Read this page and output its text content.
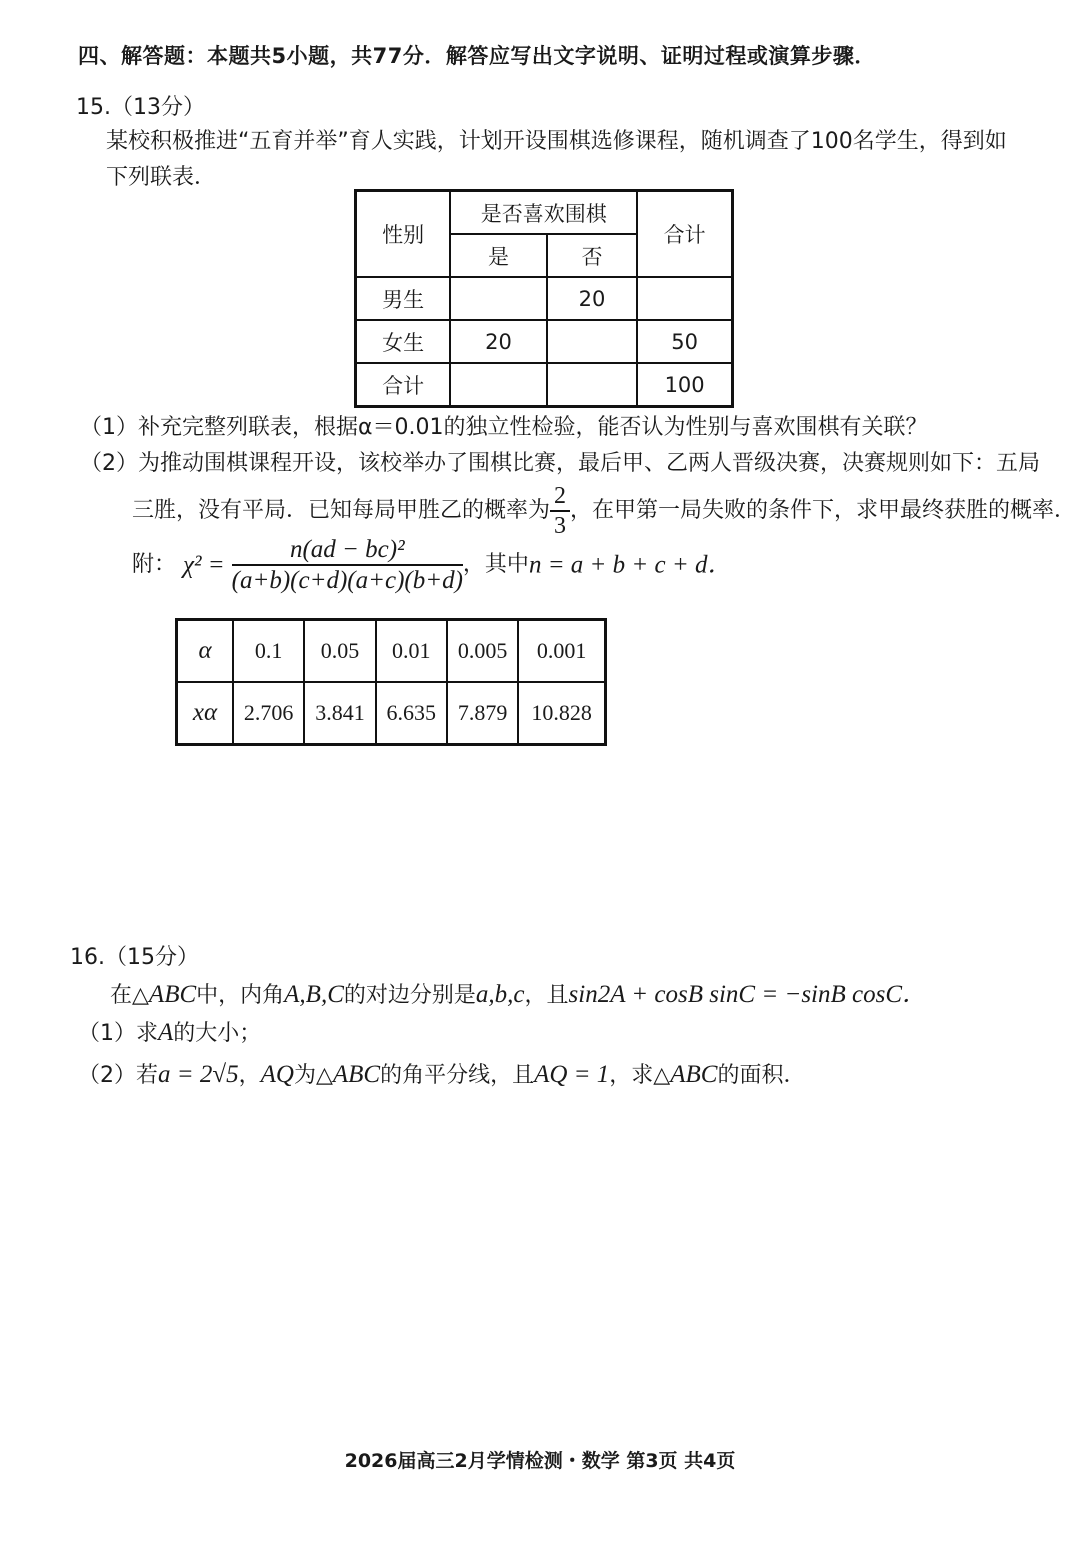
四、解答题：本题共5小题，共77分．解答应写出文字说明、证明过程或演算步骤．
15.（13分）
某校积极推进“五育并举”育人实践，计划开设围棋选修课程，随机调查了100名学生，得到如
下列联表．
性别	是否喜欢围棋		合计
	是	否	
男生		20	
女生	20		50
合计			100
（1）补充完整列联表，根据α＝0.01的独立性检验，能否认为性别与喜欢围棋有关联？
（2）为推动围棋课程开设，该校举办了围棋比赛，最后甲、乙两人晋级决赛，决赛规则如下：五局
三胜，没有平局．已知每局甲胜乙的概率为 $\frac{2}{3}$ ，在甲第一局失败的条件下，求甲最终获胜的概率．
附： $\chi^2 = \frac{\text{n(ad − bc)²}}{(a+b)(c+d)(a+c)(b+d)}$ ，其中n = a + b + c + d．
α	0.1	0.05	0.01	0.005	0.001
xα	2.706	3.841	6.635	7.879	10.828
16.（15分）
在△ABC中，内角A,B,C的对边分别是a,b,c，且sin2A + cosB sinC = −sinB cosC．
（1）求A的大小；
（2）若a = 2√5，AQ为△ABC的角平分线，且AQ = 1，求△ABC的面积．
2026届高三2月学情检测・数学 第3页 共4页
